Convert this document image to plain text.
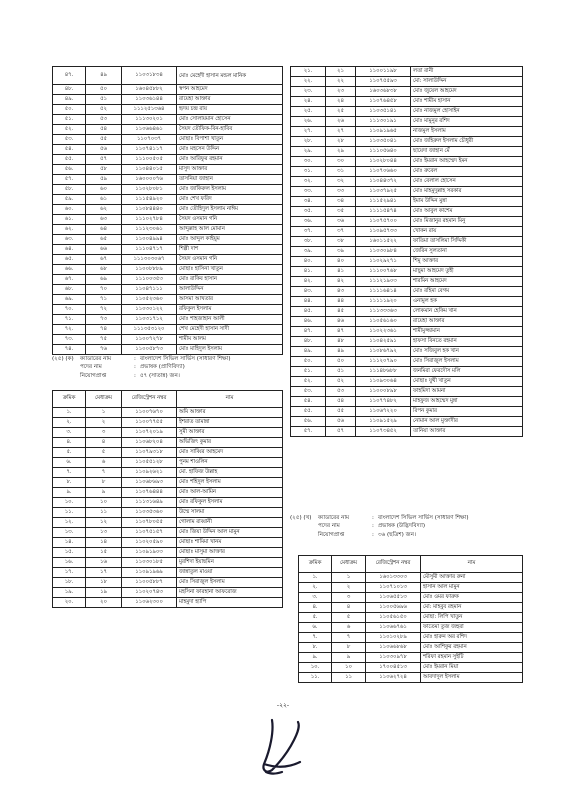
৪৭.	৪৯	১১০৩১৮৩৪	মোঃ মেহেদী হাসান মন্ডল মানিক
৪৮.	৫০	১৬০৪৫৮৮২	স্বপন আহমেদ
৪৯.	৫১	১১০৩৬১৪৪	রায়েহা আক্তার
৫০.	৫২	১১১২৫১৩৬৪	হৃদয় চন্দ্র রায়
৫১.	৫৩	১১১৩০২০১	মোঃ সোলায়মান হোসেন
৫২.	৫৪	১১০৬৬৪৬১	সৈয়দ তৌফিক-বিন-হাবিব
৫৩.	৫৫	১১০৭০৩৭	মোছাঃ বিপাশা খাতুন
৫৪.	৫৬	১১০৭৪১১৭	মোঃ মহসেন উদ্দিন
৫৫.	৫৭	১১১০০৫০৫	মোঃ আরিফুর রহমান
৫৬.	৫৮	১১০৪৪০১৫	মাসুদ আক্তার
৫৭.	৫৯	১৬০০০০৭৬	তাসনিয়া জাহান
৫৮.	৬০	১১০২৮০৮১	মোঃ জাকিরুল ইসলাম
৫৯.	৬১	১১১৫৪৯২০	মোঃ শেখ ফরিদ
৬০.	৬২	১১০৮৪৪৪০	মোঃ তৌহিদুল ইসলাম নাঈম
৬১.	৬৩	১১১০২৭৮৪	সৈয়দ ওসমান গনি
৬২.	৬৪	১১১২৩০৬১	আব্দুল্লাহ আল মোমান
৬৩.	৬৫	১১০০৪৯৯৪	মোঃ আব্দুল কাইয়ুম
৬৪.	৬৬	১১১০৪৭১৭	শিল্পী দাশ
৬৫.	৬৭	১১১৩০৩০৬৭	সৈয়দ ওসমান গনি
৬৬.	৬৮	১১০০৮৮৮৯	মোছাঃ হাসিনা খাতুন
৬৭.	৬৯	১১১০০৩৫৩	মোঃ রাকিব হাসান
৬৮.	৭০	১১০৪৭১১১	আলাউদ্দিন
৬৯.	৭১	১১০৫২৩৬০	আসমা আখতার
৭০.	৭২	১১০৩০১২২	রফিকুল ইসলাম
৭১.	৭৩	১১০৩১৭১২	মোঃ শাহজাহান আলী
৭২.	৭৪	১১১৩৫৩১২০	শেখ মেহেদী হাসান সাদী
৭৩.	৭৫	১১০০৭২৭৮	শামীম আলম
৭৪.	৭৬	১১০০৫৮৭৩	মোঃ মাহিদুল ইসলাম
(২৫) (ক)	ক্যাডারের নাম	: বাংলাদেশ সিভিল সার্ভিস (সাধারণ শিক্ষা)
পদের নাম	: প্রভাষক (প্রাণিবিদ্যা)
নিয়োগপ্রাপ্ত	: ৫৭ (সাতান্ন) জন।
ক্রমিক	মেধাক্রম	রেজিস্ট্রেশন নম্বর	নাম
১.	১	১১০০৭৬৭০	অমি আক্তার
২.	২	১১০০৭৭৫৫	ইশরাত তামান্না
৩.	৩	১১০৭২০১৯	সুমী আক্তার
৪.	৪	১১০৬৮২০৪	অভিজিৎ কুমার
৫.	৫	১১০৭৯৩১৮	মোঃ সাব্বির আহমেদ
৬.	৬	১১০৫৫১২৮	পুনম শাওলিন
৭.	৭	১১০৯২৬২১	মো. হাফিজ উল্লাহ
৮.	৮	১১০৬৮৬৯৩	মোঃ শহিদুল ইসলাম
৯.	৯	১১০৭৬৪৪৪	মোঃ আল-আমিন
১০.	১০	১১১৩১৬৪৯	মোঃ রফিকুল ইসলাম
১১.	১১	১১০৩৫৩৬০	উম্মে সালমা
১২.	১২	১১০৭৮০৫৫	গোলাম রাব্বানী
১৩.	১৩	১১০৭৫১৫৭	মোঃ জিয়া উদ্দিন আল মামুন
১৪.	১৪	১১০২০৫৯০	মোছাঃ শামিমা খানম
১৫.	১৫	১১০৯১৯০৩	মোছাঃ মাসুমা আক্তার
১৬.	১৬	১১০৩০১৮৫	মুরশিদা ইয়াছমিন
১৭.	১৭	১১০৯১৯৬৯	জান্নাতুল মাওয়া
১৮.	১৮	১১০০৫৮৮৭	মোঃ সিরাজুল ইসলাম
১৯.	১৯	১১০২০৭৪৩	মহসিনা ফারহানা আফরোজ
২০.	২০	১১০৬২৩০০	মাহমুদা হ্যাপি
২১.	২১	১১০০১১৯৮	লতা রানী
২২.	২২	১১০৭৫৫৯৩	মো: সালাউদ্দিন
২৩.	২৩	১৬০৩৬৮৩৮	মোঃ জুয়েল আহমেদ
২৪.	২৪	১১০৭৬৪৫৮	মোঃ শামীম হাসান
২৫.	২৫	১১০৩৫১৪১	মোঃ নাজমুল হোসাইন
২৬.	২৬	১১১৩০১৯১	মোঃ মামুনুর রশিদ
২৭.	২৭	১১০৯১৯৬৫	নাজমুল ইসলাম
২৮.	২৮	১১০৩৫০৪১	মোঃ জহিরুল ইসলাম চৌধুরী
২৯.	২৯	১১১০৫৬৪০	ছায়েদা জাহান মেঁ
৩০.	৩০	১১০২৮০৪৪	মোঃ ইমরান আহম্মেদ ইমন
৩১.	৩১	১১০৭০৬৬০	মোঃ রুবেল
৩২.	৩২	১১০৪৪৩৭২	মোঃ বেলাল হোসেন
৩৩.	৩৩	১১০৩৭৯২৫	মোঃ মাহমুদুল্লাহ সরকার
৩৪.	৩৪	১১১৫২৯৪১	ইমাম উদ্দিন মুন্না
৩৫.	৩৫	১১১১৫৪৭৪	মোঃ আবুল কাশেম
৩৬.	৩৬	১১০৭৫৭০০	মোঃ মিজানুর রহমান মিনু
৩৭.	৩৭	১১০৯৫৭৩৩	খোকন রায়
৩৮.	৩৮	১৬০১১৫২২	ফাতিমা তাসলিমা সিদ্দিকী
৩৯.	৩৯	১১০৩০৯৮৪	জেরিন সুলতানা
৪০.	৪০	১১০২৯২৭১	শিমু আক্তার
৪১.	৪১	১১১০০৭৬৮	মাছুমা আহমেদ তুহী
৪২.	৪২	১১১২১৯০৩	শারমিন আহমেদ
৪৩.	৪৩	১১১১৬৪১৪	মোঃ রহিমা বেগম
৪৪.	৪৪	১১১১১৯২০	এনামুল হক
৪৫.	৪৫	১১১৩৩৩৬৩	লোকমান হেকিম খান
৪৬.	৪৬	১১০৫৬১৬০	রায়েহা আক্তার
৪৭.	৪৭	১১০২২৩৬১	শামীমুজ্জামান
৪৮.	৪৮	১১০৪২৫৯১	হাফসা বিনতে রহমান
৪৯.	৪৯	১১০৮৬৭৯২	মোঃ সজিবুল হক খান
৫০.	৫০	১১১২০৭৯০	মোঃ সিরাজুল ইসলাম
৫১.	৫১	১১১৪৮৬৮৮	জনমিরা ফেরদৌস মলি
৫২.	৫২	১১০৯৩০৬৪	মোছাঃ যুথী খাতুন
৫৩.	৫৩	১১০০০৮৯৮	ফাহমিদা আমনা
৫৪.	৫৪	১১০৭৭৪৮২	মাহফুজ আহম্মেদ মুন্না
৫৫.	৫৫	১১০৬৭২২০	রিপন কুমার
৫৬.	৫৬	১১০৯১৫২৯	নোমান আল মুক্তাদীর
৫৭.	৫৭	১১০৭৩৪৫২	তানিয়া আক্তার
(২৫) (খ)	ক্যাডারের নাম	: বাংলাদেশ সিভিল সার্ভিস (সাধারণ শিক্ষা)
পদের নাম	: প্রভাষক (উদ্ভিদবিদ্যা)
নিয়োগপ্রাপ্ত	: ৩৬ (ছত্রিশ) জন।
ক্রমিক	মেধাক্রম	রেজিস্ট্রেশন নম্বর	নাম
১.	১	১৬০১৩৩০৩	মৌসুমী আক্তার রুনা
২.	২	১১০৭১০১৩	হাসান আল মামুন
৩.	৩	১১০৬৫৫১৩	মোঃ ওমর ফারুক
৪.	৪	১১০০৫৬৯৬	মো: মাহবুব রহমান
৫.	৫	১১০৫৬১৫০	মোছা: লিপি খাতুন
৬.	৬	১১০৬৬৭৬১	ফাতেমা তুজ জহুরা
৭.	৭	১১০১০২৮৯	মোঃ হারুন অর রশিদ
৮.	৮	১১০৬৬৮৬৮	মোঃ আশিকুর রহমান
৯.	৯	১১০৩০৯৭৮	শরিফা রহমান সুইটি
১০.	১০	১৭০০৪৫১৩	মোঃ ইমরান মিয়া
১১.	১১	১১০৬২৭২৪	আবদাদুল ইসলাম
-২২-
